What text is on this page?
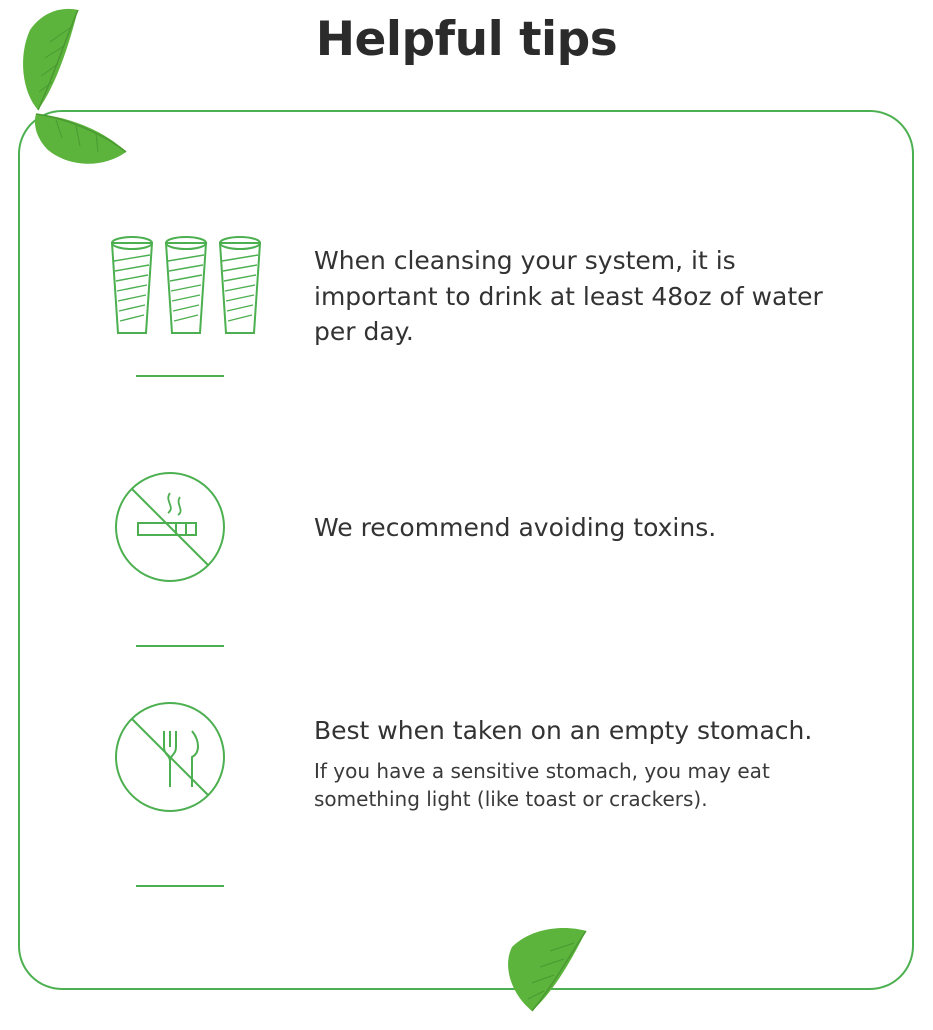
Helpful tips
When cleansing your system, it is important to drink at least 48oz of water per day.
We recommend avoiding toxins.
Best when taken on an empty stomach.
If you have a sensitive stomach, you may eat something light (like toast or crackers).
